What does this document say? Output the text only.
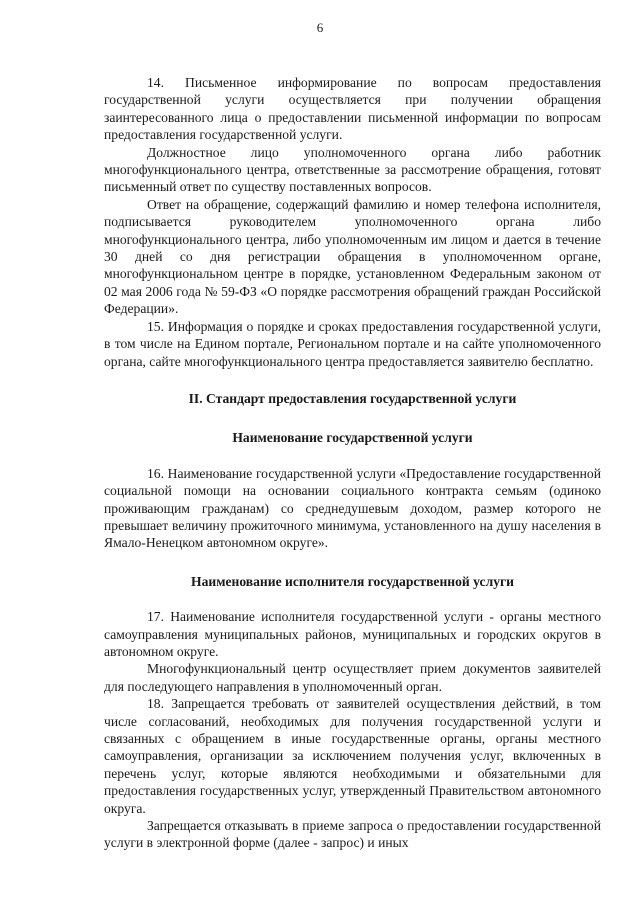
6

14. Письменное информирование по вопросам предоставления государственной услуги осуществляется при получении обращения заинтересованного лица о предоставлении письменной информации по вопросам предоставления государственной услуги.

Должностное лицо уполномоченного органа либо работник многофункционального центра, ответственные за рассмотрение обращения, готовят письменный ответ по существу поставленных вопросов.

Ответ на обращение, содержащий фамилию и номер телефона исполнителя, подписывается руководителем уполномоченного органа либо многофункционального центра, либо уполномоченным им лицом и дается в течение 30 дней со дня регистрации обращения в уполномоченном органе, многофункциональном центре в порядке, установленном Федеральным законом от 02 мая 2006 года № 59-ФЗ «О порядке рассмотрения обращений граждан Российской Федерации».

15. Информация о порядке и сроках предоставления государственной услуги, в том числе на Едином портале, Региональном портале и на сайте уполномоченного органа, сайте многофункционального центра предоставляется заявителю бесплатно.

II. Стандарт предоставления государственной услуги
Наименование государственной услуги

16. Наименование государственной услуги «Предоставление государственной социальной помощи на основании социального контракта семьям (одиноко проживающим гражданам) со среднедушевым доходом, размер которого не превышает величину прожиточного минимума, установленного на душу населения в Ямало-Ненецком автономном округе».

Наименование исполнителя государственной услуги

17. Наименование исполнителя государственной услуги - органы местного самоуправления муниципальных районов, муниципальных и городских округов в автономном округе.

Многофункциональный центр осуществляет прием документов заявителей для последующего направления в уполномоченный орган.

18. Запрещается требовать от заявителей осуществления действий, в том числе согласований, необходимых для получения государственной услуги и связанных с обращением в иные государственные органы, органы местного самоуправления, организации за исключением получения услуг, включенных в перечень услуг, которые являются необходимыми и обязательными для предоставления государственных услуг, утвержденный Правительством автономного округа.

Запрещается отказывать в приеме запроса о предоставлении государственной услуги в электронной форме (далее - запрос) и иных
